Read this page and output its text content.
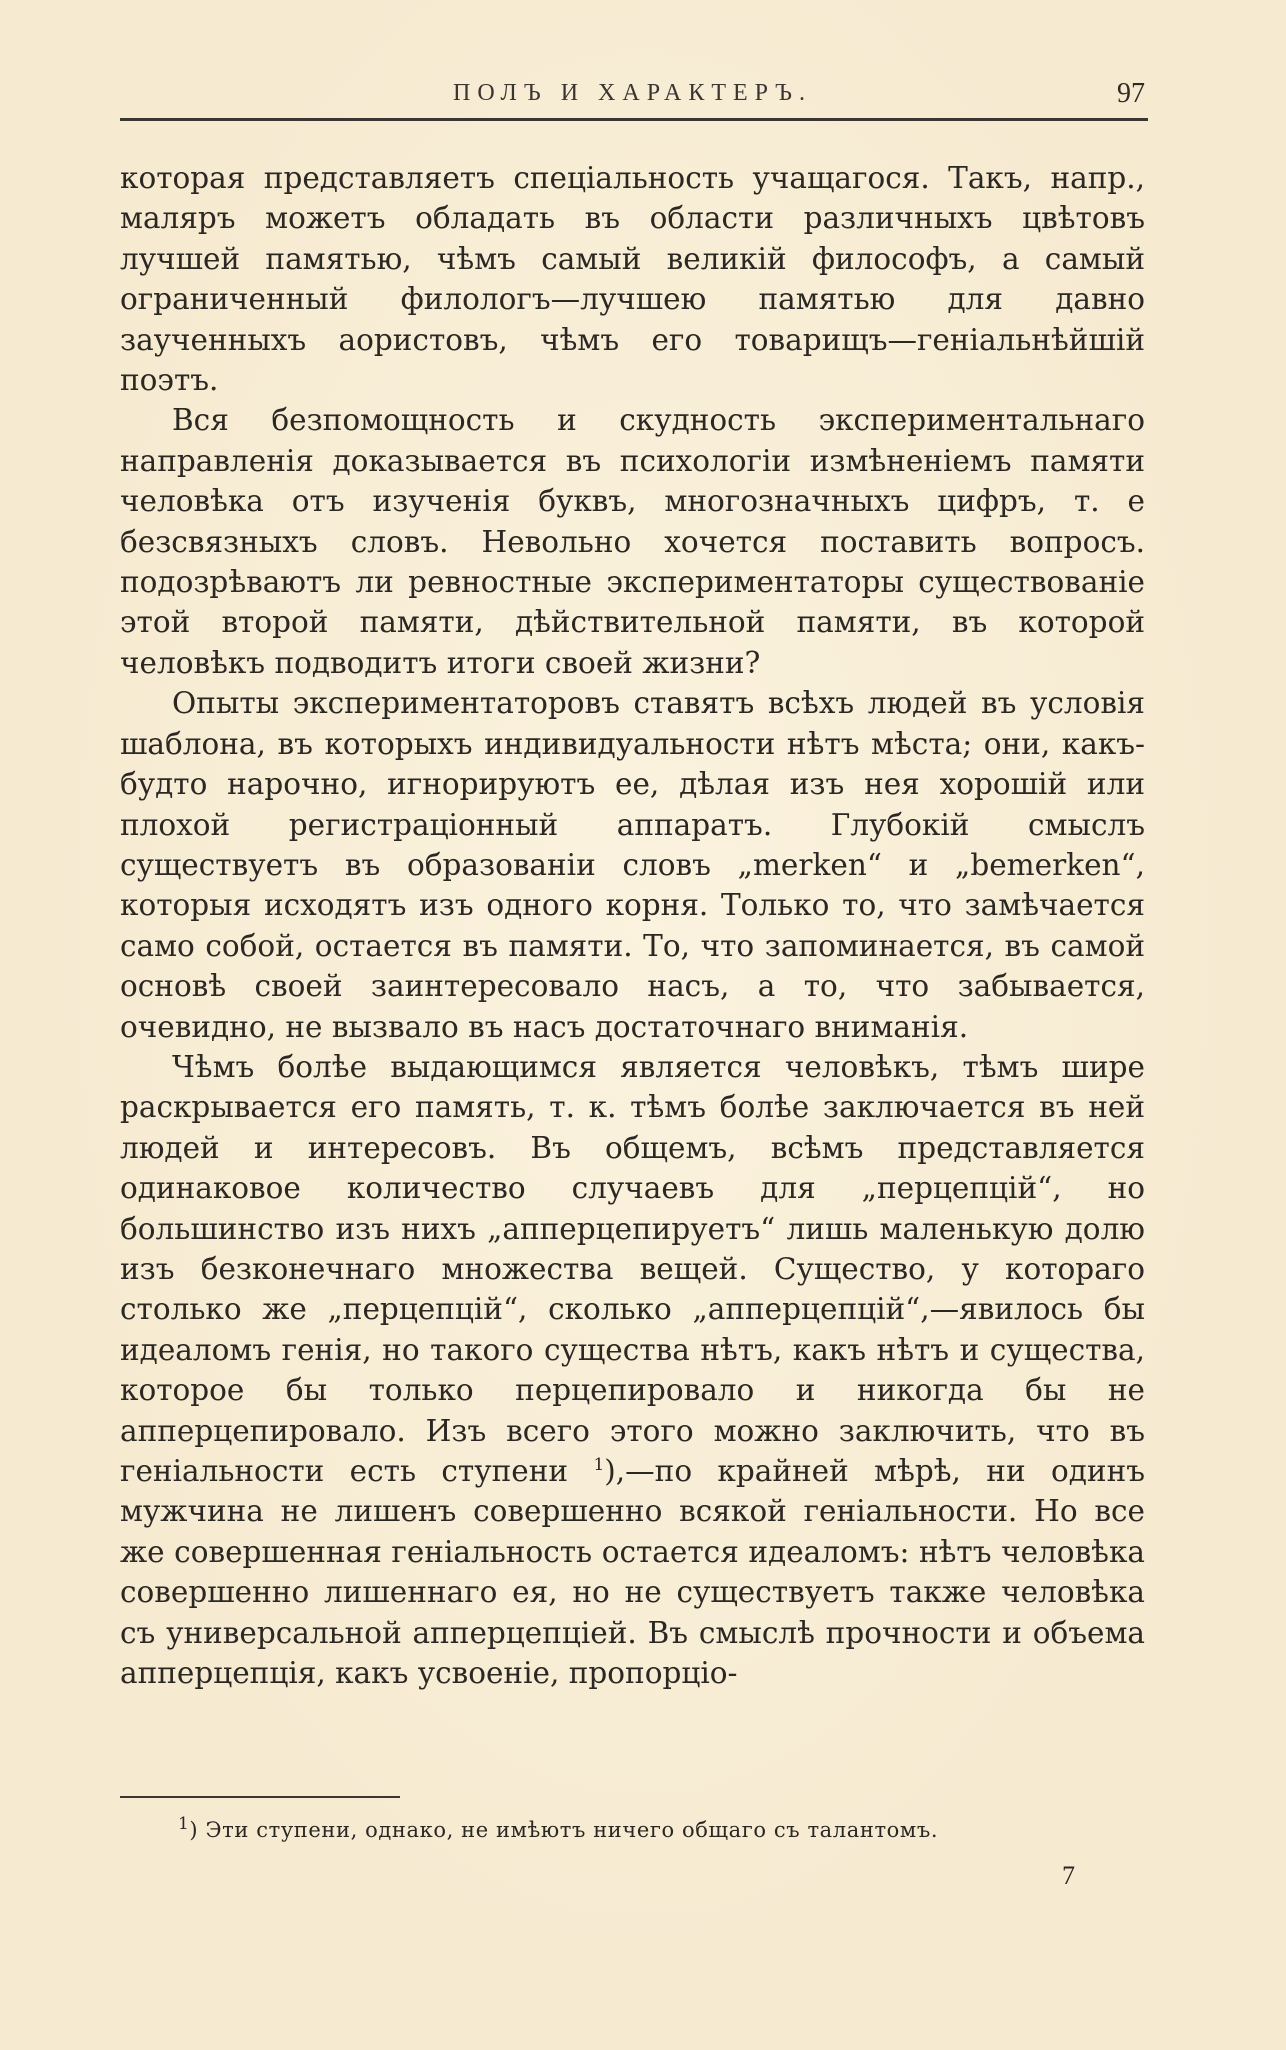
ПОЛЪ И ХАРАКТЕРЪ.	97

которая представляетъ спеціальность учащагося. Такъ, напр., маляръ можетъ обладать въ области различныхъ цвѣтовъ лучшей памятью, чѣмъ самый великій философъ, а самый ограниченный филологъ—лучшею памятью для давно заученныхъ аористовъ, чѣмъ его товарищъ—геніальнѣйшій поэтъ.

Вся безпомощность и скудность экспериментальнаго направленія доказывается въ психологіи измѣненіемъ памяти человѣка отъ изученія буквъ, многозначныхъ цифръ, т. е безсвязныхъ словъ. Невольно хочется поставить вопросъ. подозрѣваютъ ли ревностные экспериментаторы существованіе этой второй памяти, дѣйствительной памяти, въ которой человѣкъ подводитъ итоги своей жизни?

Опыты экспериментаторовъ ставятъ всѣхъ людей въ условія шаблона, въ которыхъ индивидуальности нѣтъ мѣста; они, какъ-будто нарочно, игнорируютъ ее, дѣлая изъ нея хорошій или плохой регистраціонный аппаратъ. Глубокій смыслъ существуетъ въ образованіи словъ „merken“ и „bemerken“, которыя исходятъ изъ одного корня. Только то, что замѣчается само собой, остается въ памяти. То, что запоминается, въ самой основѣ своей заинтересовало насъ, а то, что забывается, очевидно, не вызвало въ насъ достаточнаго вниманія.

Чѣмъ болѣе выдающимся является человѣкъ, тѣмъ шире раскрывается его память, т. к. тѣмъ болѣе заключается въ ней людей и интересовъ. Въ общемъ, всѣмъ представляется одинаковое количество случаевъ для „перцепцій“, но большинство изъ нихъ „апперцепируетъ“ лишь маленькую долю изъ безконечнаго множества вещей. Существо, у котораго столько же „перцепцій“, сколько „апперцепцій“,—явилось бы идеаломъ генія, но такого существа нѣтъ, какъ нѣтъ и существа, которое бы только перцепировало и никогда бы не апперцепировало. Изъ всего этого можно заключить, что въ геніальности есть ступени $^1$),—по крайней мѣрѣ, ни одинъ мужчина не лишенъ совершенно всякой геніальности. Но все же совершенная геніальность остается идеаломъ: нѣтъ человѣка совершенно лишеннаго ея, но не существуетъ также человѣка съ универсальной апперцепціей. Въ смыслѣ прочности и объема апперцепція, какъ усвоеніе, пропорціо-

$^1$) Эти ступени, однако, не имѣютъ ничего общаго съ талантомъ.
7
